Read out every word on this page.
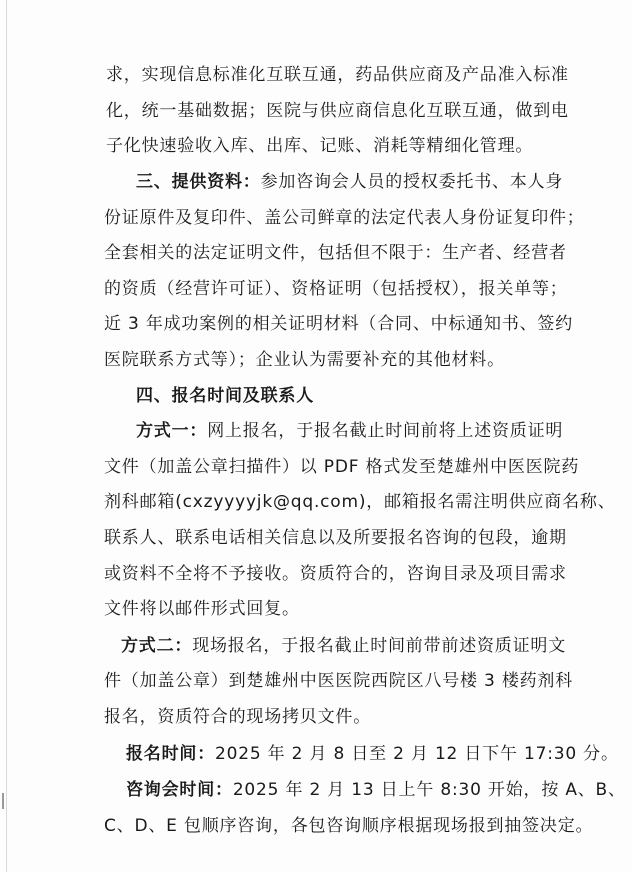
求，实现信息标准化互联互通，药品供应商及产品准入标准
化，统一基础数据；医院与供应商信息化互联互通，做到电
子化快速验收入库、出库、记账、消耗等精细化管理。
三、提供资料：参加咨询会人员的授权委托书、本人身
份证原件及复印件、盖公司鲜章的法定代表人身份证复印件；
全套相关的法定证明文件，包括但不限于：生产者、经营者
的资质（经营许可证）、资格证明（包括授权），报关单等；
近 3 年成功案例的相关证明材料（合同、中标通知书、签约
医院联系方式等）；企业认为需要补充的其他材料。
四、报名时间及联系人
方式一：网上报名，于报名截止时间前将上述资质证明
文件（加盖公章扫描件）以 PDF 格式发至楚雄州中医医院药
剂科邮箱(cxzyyyyjk@qq.com)，邮箱报名需注明供应商名称、
联系人、联系电话相关信息以及所要报名咨询的包段，逾期
或资料不全将不予接收。资质符合的，咨询目录及项目需求
文件将以邮件形式回复。
方式二：现场报名，于报名截止时间前带前述资质证明文
件（加盖公章）到楚雄州中医医院西院区八号楼 3 楼药剂科
报名，资质符合的现场拷贝文件。
报名时间：2025 年 2 月 8 日至 2 月 12 日下午 17:30 分。
咨询会时间：2025 年 2 月 13 日上午 8:30 开始，按 A、B、
C、D、E 包顺序咨询，各包咨询顺序根据现场报到抽签决定。
